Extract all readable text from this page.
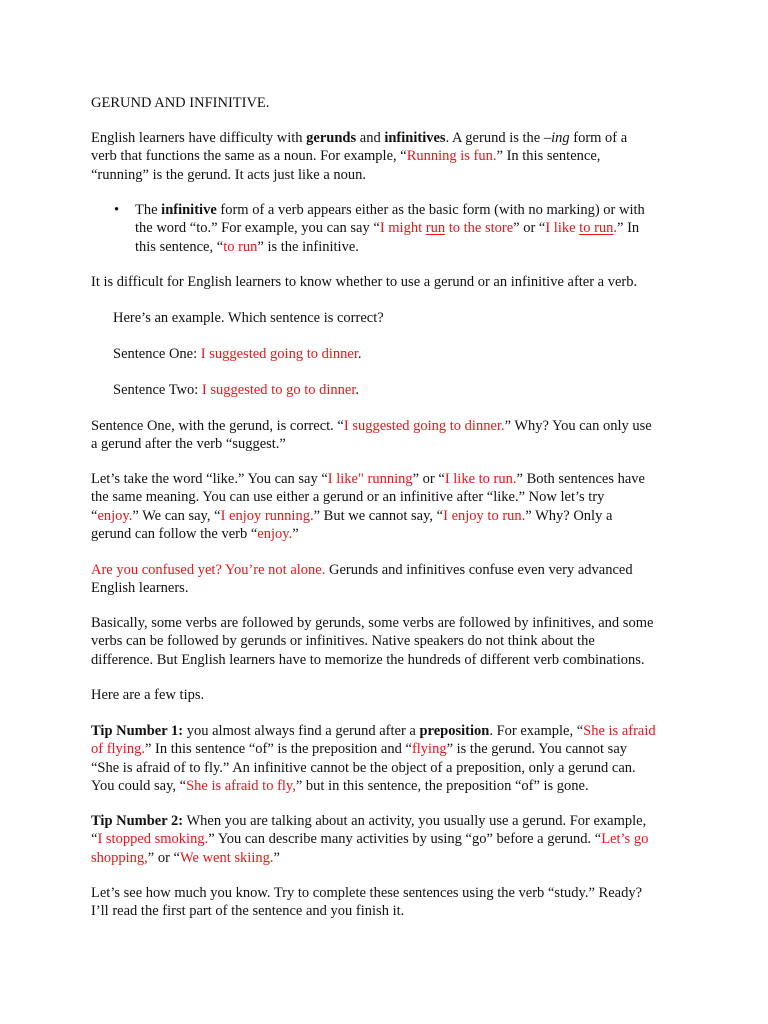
GERUND AND INFINITIVE.

English learners have difficulty with gerunds and infinitives. A gerund is the –ing form of a
verb that functions the same as a noun. For example, “Running is fun.” In this sentence,
“running” is the gerund. It acts just like a noun.

• The infinitive form of a verb appears either as the basic form (with no marking) or with
the word “to.” For example, you can say “I might run to the store” or “I like to run.” In
this sentence, “to run” is the infinitive.

It is difficult for English learners to know whether to use a gerund or an infinitive after a verb.

Here’s an example. Which sentence is correct?

Sentence One: I suggested going to dinner.

Sentence Two: I suggested to go to dinner.

Sentence One, with the gerund, is correct. “I suggested going to dinner.” Why? You can only use
a gerund after the verb “suggest.”

Let’s take the word “like.” You can say “I like" running” or “I like to run.” Both sentences have
the same meaning. You can use either a gerund or an infinitive after “like.” Now let’s try
“enjoy.” We can say, “I enjoy running.” But we cannot say, “I enjoy to run.” Why? Only a
gerund can follow the verb “enjoy.”

Are you confused yet? You’re not alone. Gerunds and infinitives confuse even very advanced
English learners.

Basically, some verbs are followed by gerunds, some verbs are followed by infinitives, and some
verbs can be followed by gerunds or infinitives. Native speakers do not think about the
difference. But English learners have to memorize the hundreds of different verb combinations.

Here are a few tips.

Tip Number 1: you almost always find a gerund after a preposition. For example, “She is afraid
of flying.” In this sentence “of” is the preposition and “flying” is the gerund. You cannot say
“She is afraid of to fly.” An infinitive cannot be the object of a preposition, only a gerund can.
You could say, “She is afraid to fly,” but in this sentence, the preposition “of” is gone.

Tip Number 2: When you are talking about an activity, you usually use a gerund. For example,
“I stopped smoking.” You can describe many activities by using “go” before a gerund. “Let’s go
shopping,” or “We went skiing.”

Let’s see how much you know. Try to complete these sentences using the verb “study.” Ready?
I’ll read the first part of the sentence and you finish it.
